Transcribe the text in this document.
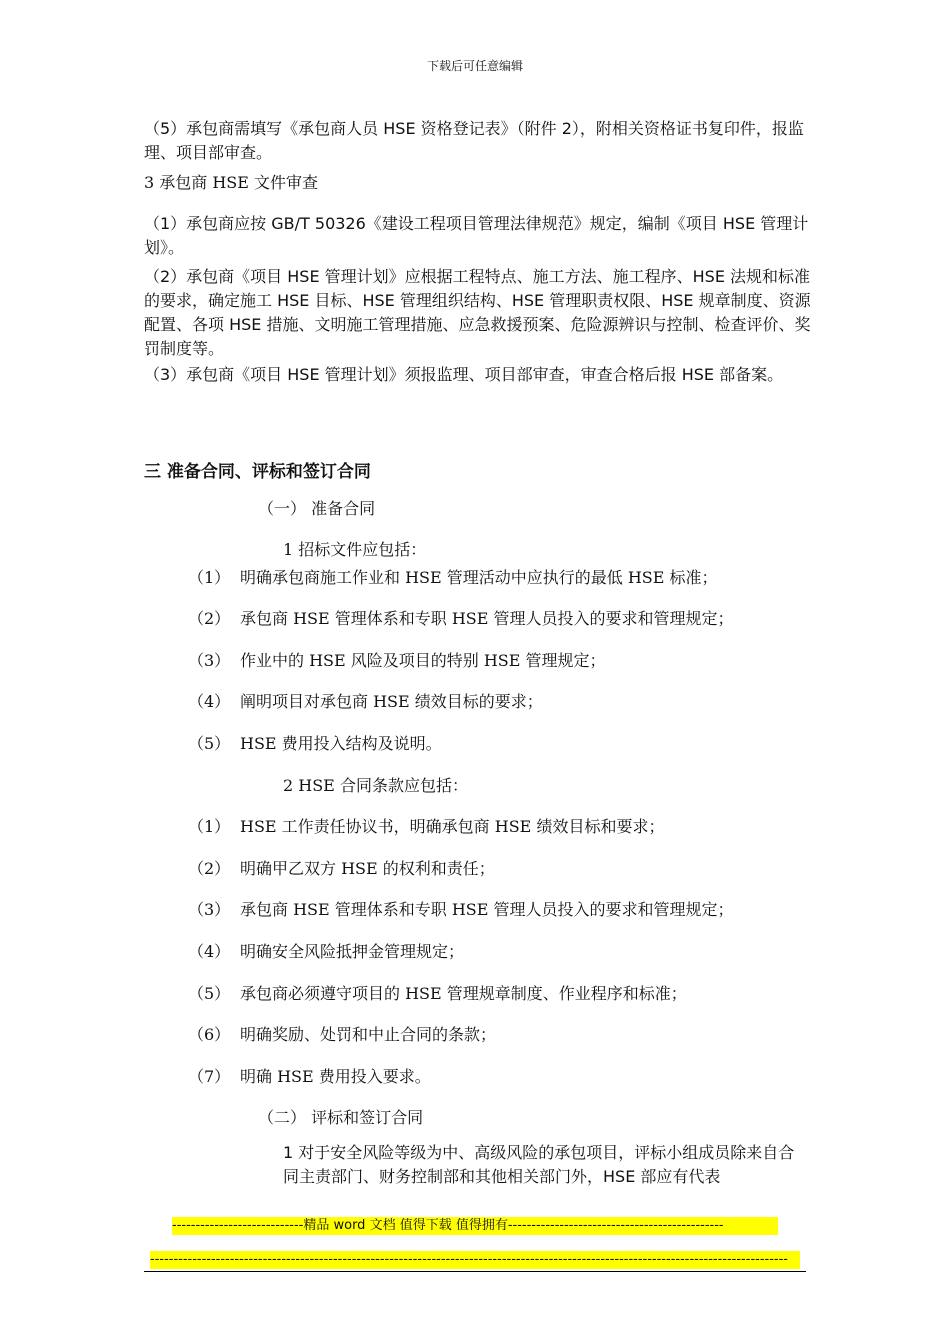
下载后可任意编辑
（5）承包商需填写《承包商人员 HSE 资格登记表》（附件 2），附相关资格证书复印件，报监理、项目部审查。
3 承包商 HSE 文件审查
（1）承包商应按 GB/T 50326《建设工程项目管理法律规范》规定，编制《项目 HSE 管理计划》。
（2）承包商《项目 HSE 管理计划》应根据工程特点、施工方法、施工程序、HSE 法规和标准的要求，确定施工 HSE 目标、HSE 管理组织结构、HSE 管理职责权限、HSE 规章制度、资源配置、各项 HSE 措施、文明施工管理措施、应急救援预案、危险源辨识与控制、检查评价、奖罚制度等。
（3）承包商《项目 HSE 管理计划》须报监理、项目部审查，审查合格后报 HSE 部备案。
三 准备合同、评标和签订合同
（一） 准备合同
1 招标文件应包括：
（1） 明确承包商施工作业和 HSE 管理活动中应执行的最低 HSE 标准；
（2） 承包商 HSE 管理体系和专职 HSE 管理人员投入的要求和管理规定；
（3） 作业中的 HSE 风险及项目的特别 HSE 管理规定；
（4） 阐明项目对承包商 HSE 绩效目标的要求；
（5） HSE 费用投入结构及说明。
2 HSE 合同条款应包括：
（1） HSE 工作责任协议书，明确承包商 HSE 绩效目标和要求；
（2） 明确甲乙双方 HSE 的权利和责任；
（3） 承包商 HSE 管理体系和专职 HSE 管理人员投入的要求和管理规定；
（4） 明确安全风险抵押金管理规定；
（5） 承包商必须遵守项目的 HSE 管理规章制度、作业程序和标准；
（6） 明确奖励、处罚和中止合同的条款；
（7） 明确 HSE 费用投入要求。
（二） 评标和签订合同
1 对于安全风险等级为中、高级风险的承包项目，评标小组成员除来自合同主责部门、财务控制部和其他相关部门外，HSE 部应有代表
----------------------------精品 word 文档 值得下载 值得拥有----------------------------------------------
----------------------------------------------------------------------------------------------------------------------------------------
